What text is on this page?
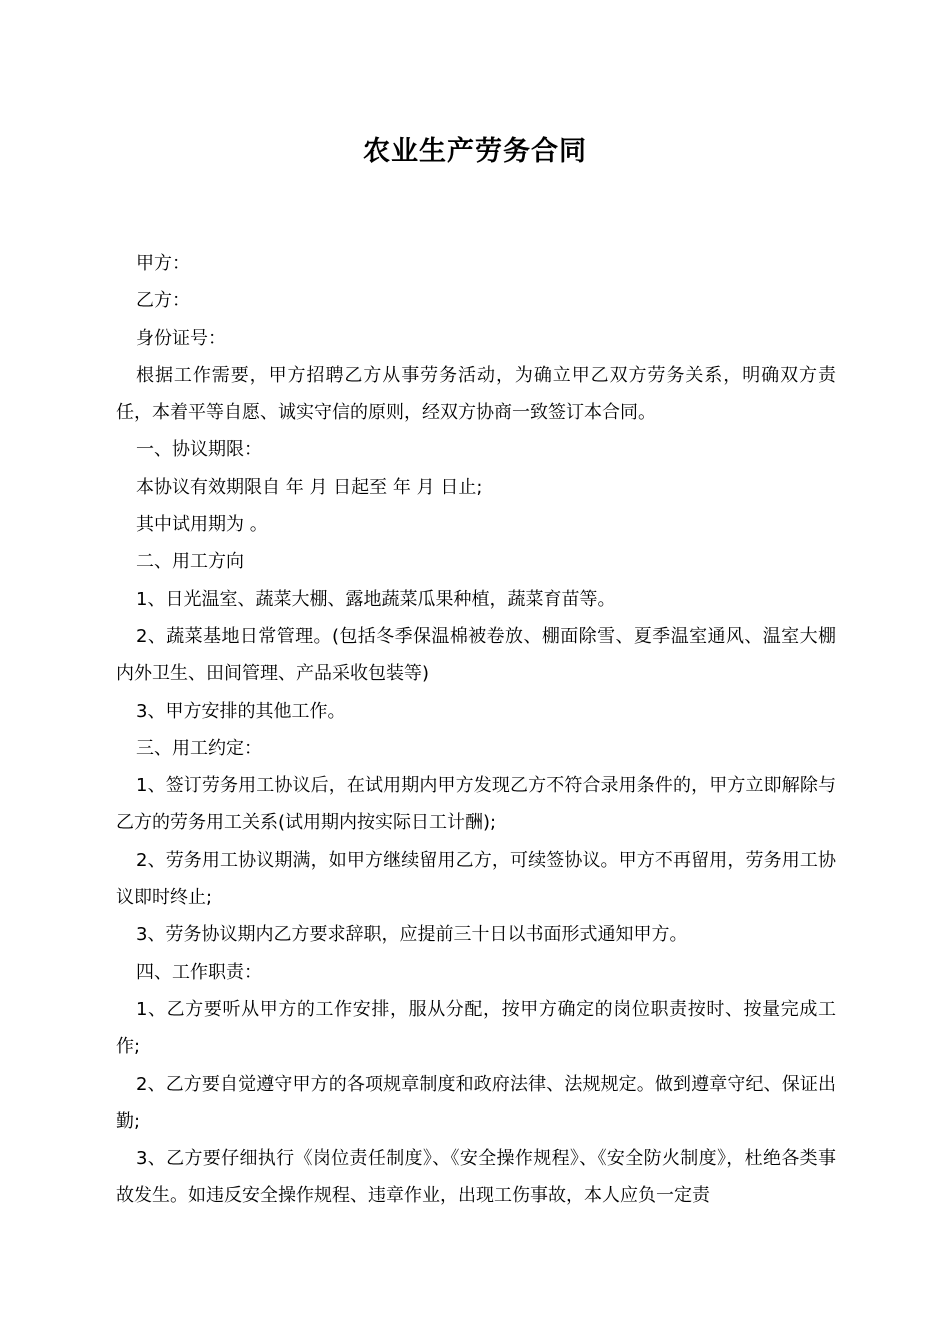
农业生产劳务合同

甲方：

乙方：

身份证号：

根据工作需要，甲方招聘乙方从事劳务活动，为确立甲乙双方劳务关系，明确双方责任，本着平等自愿、诚实守信的原则，经双方协商一致签订本合同。

一、协议期限：

本协议有效期限自 年 月 日起至 年 月 日止;

其中试用期为 。

二、用工方向

1、日光温室、蔬菜大棚、露地蔬菜瓜果种植，蔬菜育苗等。

2、蔬菜基地日常管理。(包括冬季保温棉被卷放、棚面除雪、夏季温室通风、温室大棚内外卫生、田间管理、产品采收包装等)

3、甲方安排的其他工作。

三、用工约定：

1、签订劳务用工协议后，在试用期内甲方发现乙方不符合录用条件的，甲方立即解除与乙方的劳务用工关系(试用期内按实际日工计酬);

2、劳务用工协议期满，如甲方继续留用乙方，可续签协议。甲方不再留用，劳务用工协议即时终止;

3、劳务协议期内乙方要求辞职，应提前三十日以书面形式通知甲方。

四、工作职责：

1、乙方要听从甲方的工作安排，服从分配，按甲方确定的岗位职责按时、按量完成工作;

2、乙方要自觉遵守甲方的各项规章制度和政府法律、法规规定。做到遵章守纪、保证出勤;

3、乙方要仔细执行《岗位责任制度》、《安全操作规程》、《安全防火制度》，杜绝各类事故发生。如违反安全操作规程、违章作业，出现工伤事故，本人应负一定责
